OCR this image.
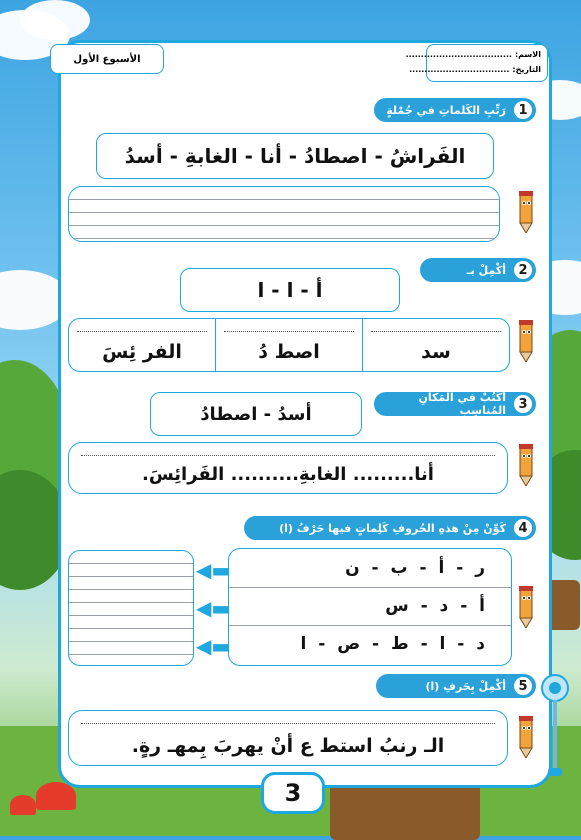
الأسبوع الأول	الاسم:
...................................
التاريخ:
.................................
رَتِّبِ الكَلماتِ في جُمْلةٍ 1
الفَراشُ - اصطادُ - أنا - الغابةِ - أسدُ
أكْمِلْ بـ 2
أ - ا - ا
سد
اصط دُ
الفر ئِسَ
أكْتُبْ في المَكانِ المُناسِبِ 3
أسدُ - اصطادُ
أنا......... الغابةِ.......... الفَرائِسَ.
كَوِّنْ مِنْ هذهِ الحُروفِ كَلِماتٍ فيها حَرْفُ (ا) 4
ر - أ - ب - ن
أ - د - س
د - ا - ط - ص - ا
◀▬
◀▬
◀▬
أكْمِلْ بِحَرفِ (ا) 5
الـ رنبُ استط ع أنْ يهربَ بِمهـ رةٍ.
3
